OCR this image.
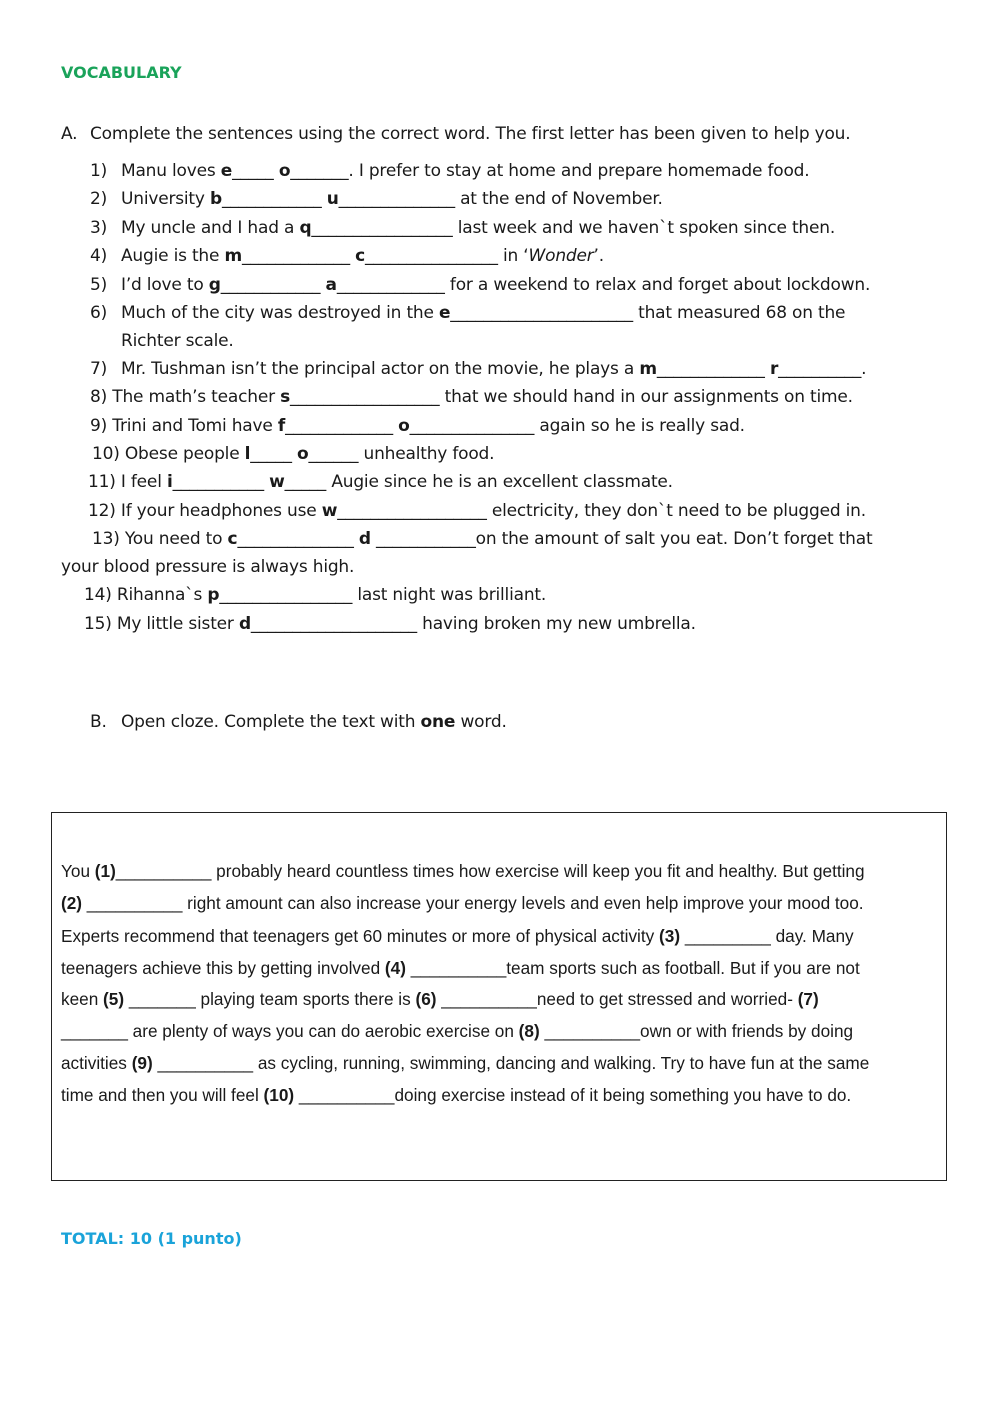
VOCABULARY
A. Complete the sentences using the correct word. The first letter has been given to help you.
1) Manu loves e_____ o_______. I prefer to stay at home and prepare homemade food.
2) University b____________ u______________ at the end of November.
3) My uncle and I had a q_________________ last week and we haven`t spoken since then.
4) Augie is the m_____________ c________________ in ‘Wonder’.
5) I’d love to g____________ a_____________ for a weekend to relax and forget about lockdown.
6) Much of the city was destroyed in the e______________________ that measured 68 on the
Richter scale.
7) Mr. Tushman isn’t the principal actor on the movie, he plays a m_____________ r__________.
8) The math’s teacher s__________________ that we should hand in our assignments on time.
9) Trini and Tomi have f_____________ o_______________ again so he is really sad.
10) Obese people l_____ o______ unhealthy food.
11) I feel i___________ w_____ Augie since he is an excellent classmate.
12) If your headphones use w__________________ electricity, they don`t need to be plugged in.
13) You need to c______________ d ____________on the amount of salt you eat. Don’t forget that
your blood pressure is always high.
14) Rihanna`s p________________ last night was brilliant.
15) My little sister d____________________ having broken my new umbrella.
B. Open cloze. Complete the text with one word.
You (1)__________ probably heard countless times how exercise will keep you fit and healthy. But getting
(2) __________ right amount can also increase your energy levels and even help improve your mood too.
Experts recommend that teenagers get 60 minutes or more of physical activity (3) _________ day. Many
teenagers achieve this by getting involved (4) __________team sports such as football. But if you are not
keen (5) _______ playing team sports there is (6) __________need to get stressed and worried- (7)
_______ are plenty of ways you can do aerobic exercise on (8) __________own or with friends by doing
activities (9) __________ as cycling, running, swimming, dancing and walking. Try to have fun at the same
time and then you will feel (10) __________doing exercise instead of it being something you have to do.
TOTAL: 10 (1 punto)
